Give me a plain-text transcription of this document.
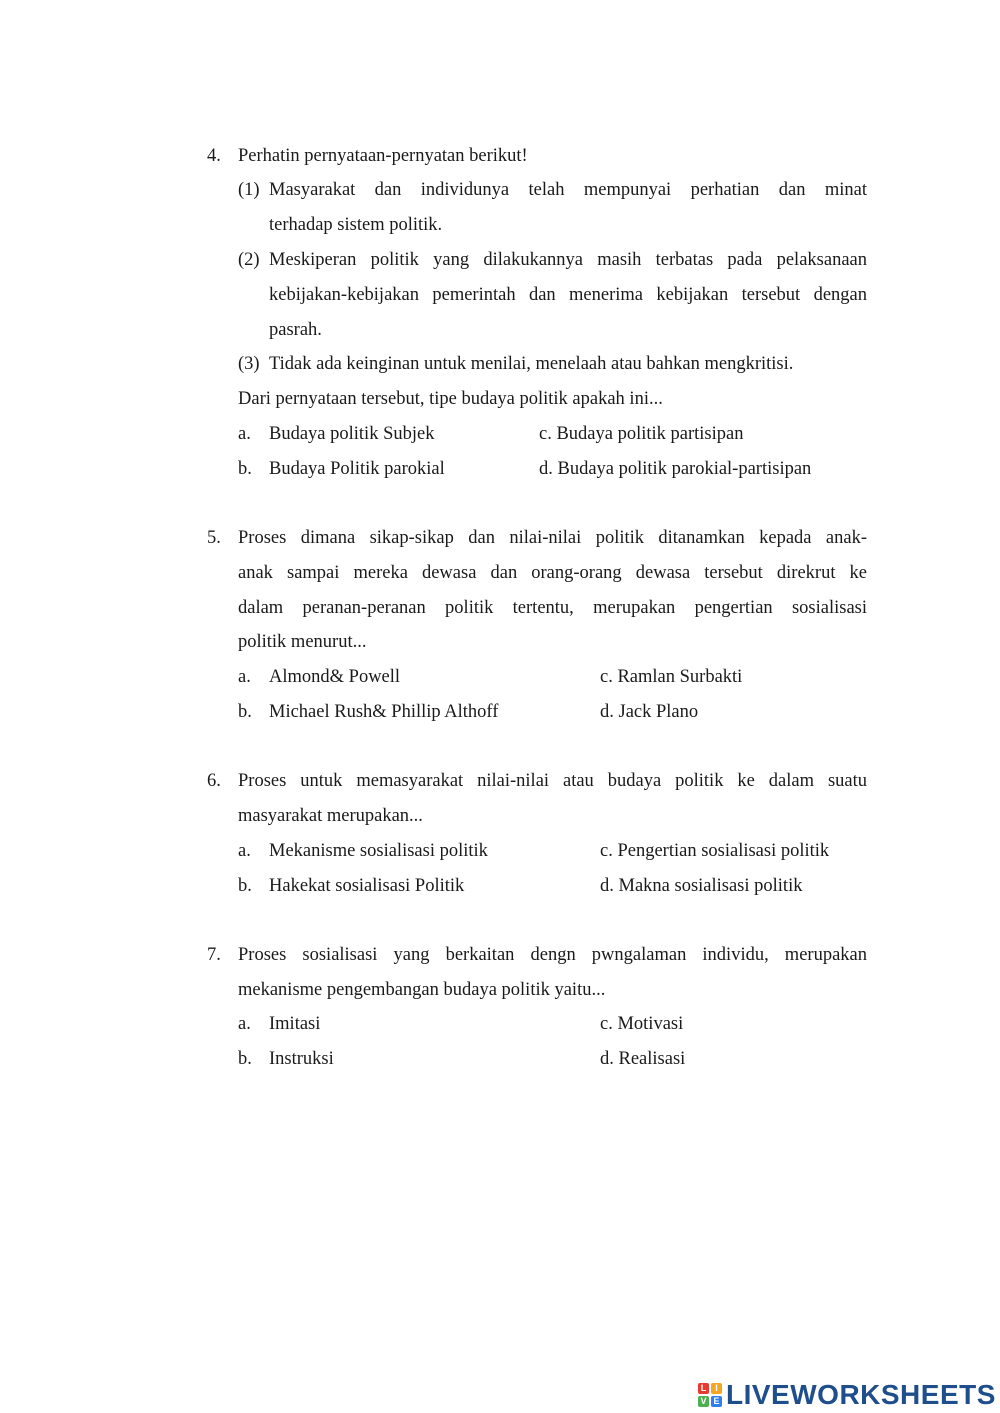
4. Perhatin pernyataan-pernyatan berikut!
(1) Masyarakat dan individunya telah mempunyai perhatian dan minat
terhadap sistem politik.
(2) Meskiperan politik yang dilakukannya masih terbatas pada pelaksanaan
kebijakan-kebijakan pemerintah dan menerima kebijakan tersebut dengan
pasrah.
(3) Tidak ada keinginan untuk menilai, menelaah atau bahkan mengkritisi.
Dari pernyataan tersebut, tipe budaya politik apakah ini...
a. Budaya politik Subjek	c. Budaya politik partisipan
b. Budaya Politik parokial	d. Budaya politik parokial-partisipan
5. Proses dimana sikap-sikap dan nilai-nilai politik ditanamkan kepada anak-
anak sampai mereka dewasa dan orang-orang dewasa tersebut direkrut ke
dalam peranan-peranan politik tertentu, merupakan pengertian sosialisasi
politik menurut...
a. Almond& Powell	c. Ramlan Surbakti
b. Michael Rush& Phillip Althoff	d. Jack Plano
6. Proses untuk memasyarakat nilai-nilai atau budaya politik ke dalam suatu
masyarakat merupakan...
a. Mekanisme sosialisasi politik	c. Pengertian sosialisasi politik
b. Hakekat sosialisasi Politik	d. Makna sosialisasi politik
7. Proses sosialisasi yang berkaitan dengn pwngalaman individu, merupakan
mekanisme pengembangan budaya politik yaitu...
a. Imitasi	c. Motivasi
b. Instruksi	d. Realisasi
L I
V E LIVEWORKSHEETS
